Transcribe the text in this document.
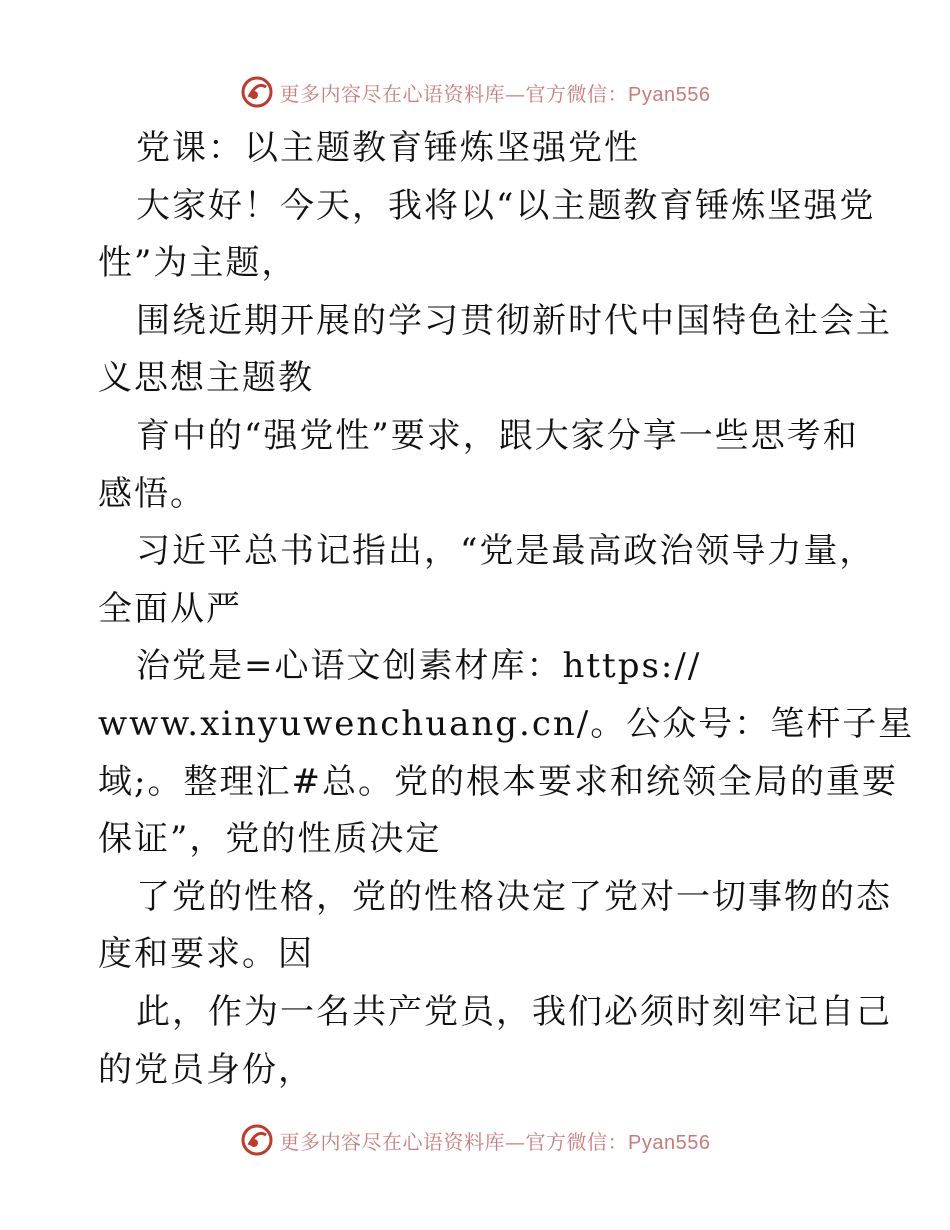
更多内容尽在心语资料库—官方微信：Pyan556
党课：以主题教育锤炼坚强党性
大家好！今天，我将以“以主题教育锤炼坚强党
性”为主题，
围绕近期开展的学习贯彻新时代中国特色社会主
义思想主题教
育中的“强党性”要求，跟大家分享一些思考和
感悟。
习近平总书记指出，“党是最高政治领导力量，
全面从严
治党是=心语文创素材库：https://
www.xinyuwenchuang.cn/。公众号：笔杆子星
域;。整理汇#总。党的根本要求和统领全局的重要
保证”，党的性质决定
了党的性格，党的性格决定了党对一切事物的态
度和要求。因
此，作为一名共产党员，我们必须时刻牢记自己
的党员身份，
更多内容尽在心语资料库—官方微信：Pyan556
